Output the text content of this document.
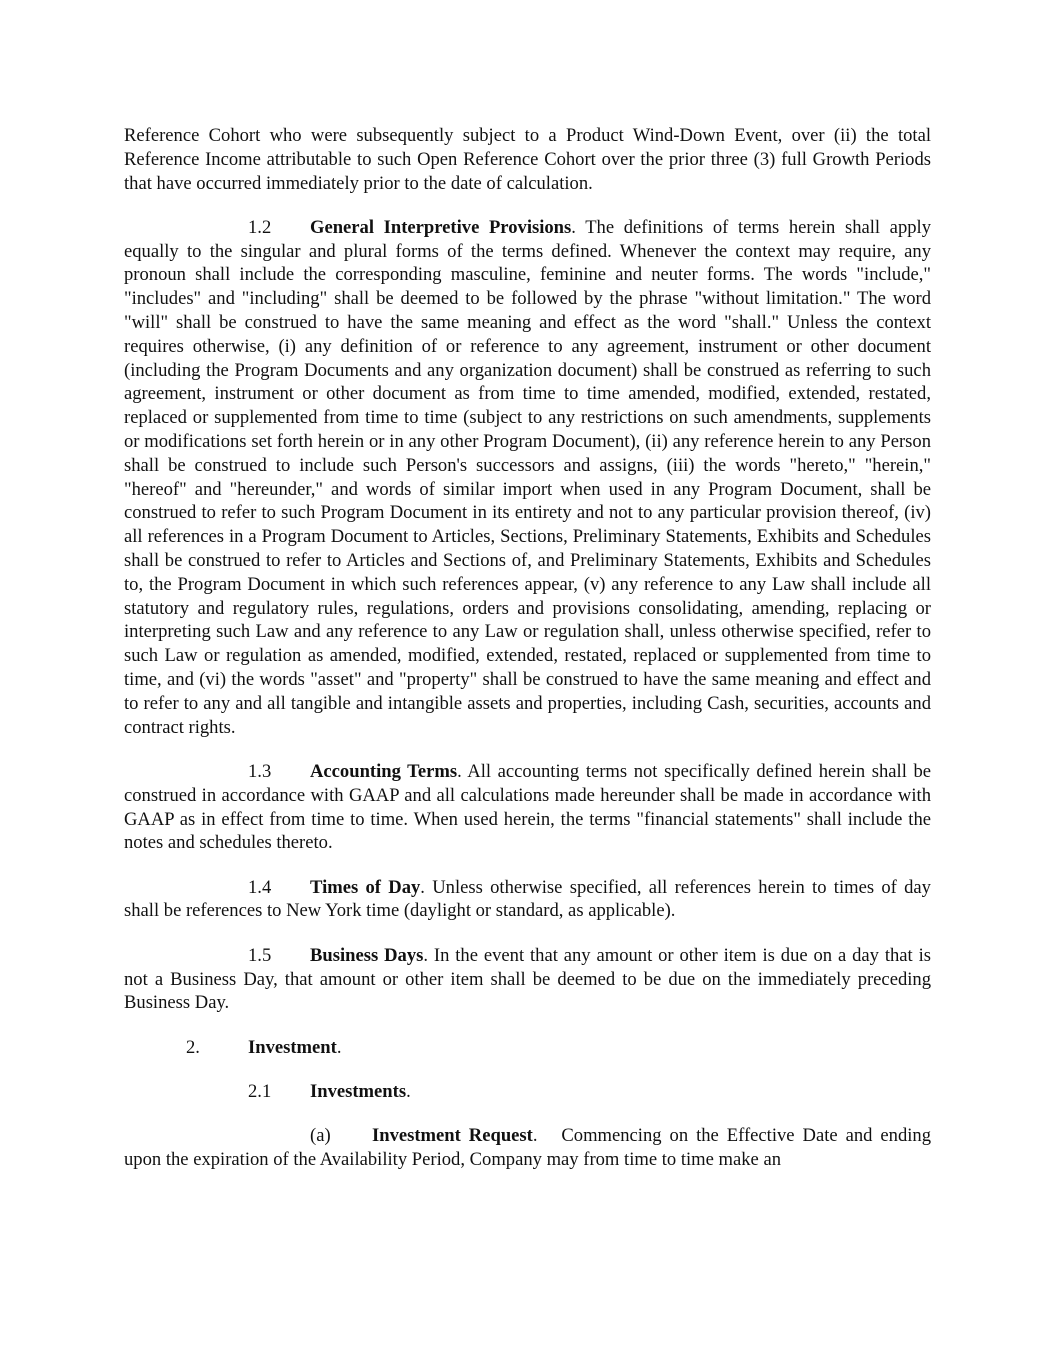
Reference Cohort who were subsequently subject to a Product Wind-Down Event, over (ii) the total Reference Income attributable to such Open Reference Cohort over the prior three (3) full Growth Periods that have occurred immediately prior to the date of calculation.

1.2 General Interpretive Provisions. The definitions of terms herein shall apply equally to the singular and plural forms of the terms defined. Whenever the context may require, any pronoun shall include the corresponding masculine, feminine and neuter forms. The words "include," "includes" and "including" shall be deemed to be followed by the phrase "without limitation." The word "will" shall be construed to have the same meaning and effect as the word "shall." Unless the context requires otherwise, (i) any definition of or reference to any agreement, instrument or other document (including the Program Documents and any organization document) shall be construed as referring to such agreement, instrument or other document as from time to time amended, modified, extended, restated, replaced or supplemented from time to time (subject to any restrictions on such amendments, supplements or modifications set forth herein or in any other Program Document), (ii) any reference herein to any Person shall be construed to include such Person's successors and assigns, (iii) the words "hereto," "herein," "hereof" and "hereunder," and words of similar import when used in any Program Document, shall be construed to refer to such Program Document in its entirety and not to any particular provision thereof, (iv) all references in a Program Document to Articles, Sections, Preliminary Statements, Exhibits and Schedules shall be construed to refer to Articles and Sections of, and Preliminary Statements, Exhibits and Schedules to, the Program Document in which such references appear, (v) any reference to any Law shall include all statutory and regulatory rules, regulations, orders and provisions consolidating, amending, replacing or interpreting such Law and any reference to any Law or regulation shall, unless otherwise specified, refer to such Law or regulation as amended, modified, extended, restated, replaced or supplemented from time to time, and (vi) the words "asset" and "property" shall be construed to have the same meaning and effect and to refer to any and all tangible and intangible assets and properties, including Cash, securities, accounts and contract rights.

1.3 Accounting Terms. All accounting terms not specifically defined herein shall be construed in accordance with GAAP and all calculations made hereunder shall be made in accordance with GAAP as in effect from time to time. When used herein, the terms "financial statements" shall include the notes and schedules thereto.

1.4 Times of Day. Unless otherwise specified, all references herein to times of day shall be references to New York time (daylight or standard, as applicable).

1.5 Business Days. In the event that any amount or other item is due on a day that is not a Business Day, that amount or other item shall be deemed to be due on the immediately preceding Business Day.

2.	Investment.

2.1 Investments.

(a) Investment Request.   Commencing on the Effective Date and ending upon the expiration of the Availability Period, Company may from time to time make an
